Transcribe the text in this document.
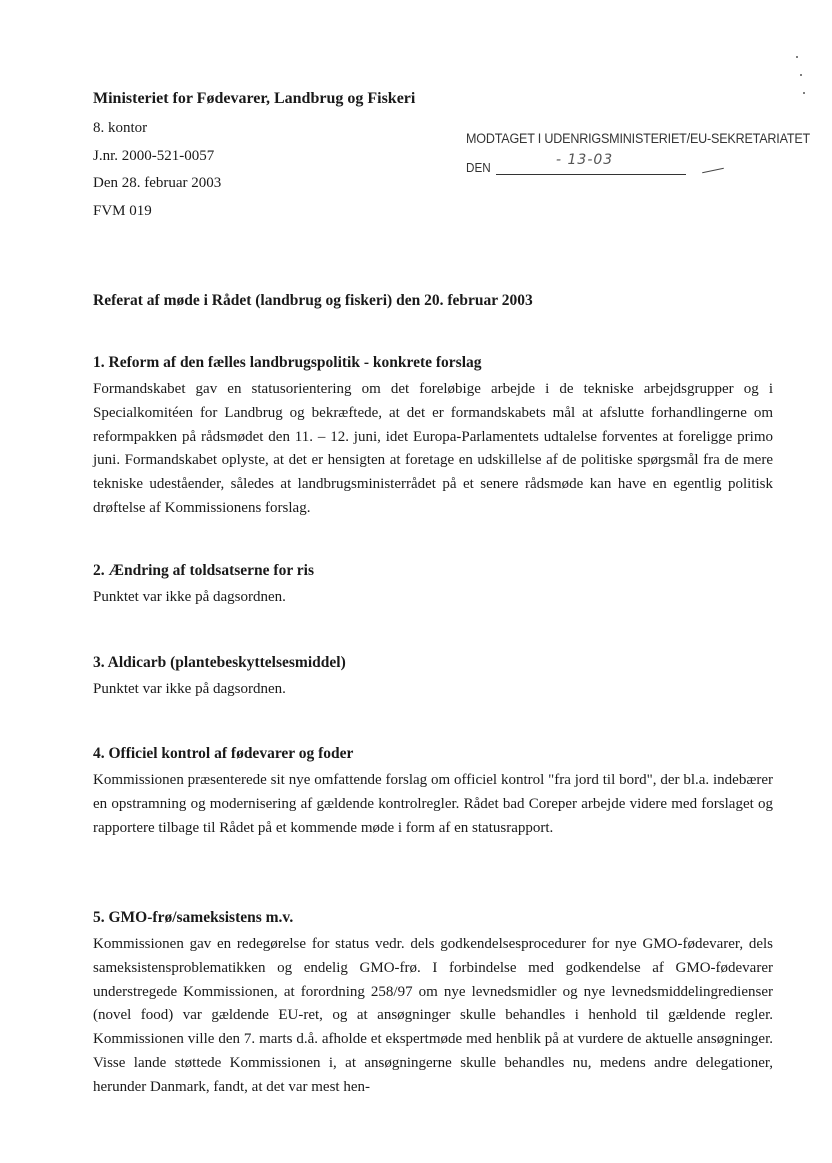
Ministeriet for Fødevarer, Landbrug og Fiskeri

8. kontor

J.nr. 2000-521-0057

Den 28. februar 2003

FVM 019

MODTAGET I UDENRIGSMINISTERIET/EU-SEKRETARIATET
DEN	- 13-03
Referat af møde i Rådet (landbrug og fiskeri) den 20. februar 2003
1. Reform af den fælles landbrugspolitik - konkrete forslag

Formandskabet gav en statusorientering om det foreløbige arbejde i de tekniske arbejdsgrupper og i Specialkomitéen for Landbrug og bekræftede, at det er formandskabets mål at afslutte forhandlingerne om reformpakken på rådsmødet den 11. – 12. juni, idet Europa-Parlamentets udtalelse forventes at foreligge primo juni. Formandskabet oplyste, at det er hensigten at foretage en udskillelse af de politiske spørgsmål fra de mere tekniske udeståender, således at landbrugsministerrådet på et senere rådsmøde kan have en egentlig politisk drøftelse af Kommissionens forslag.

2. Ændring af toldsatserne for ris

Punktet var ikke på dagsordnen.

3. Aldicarb (plantebeskyttelsesmiddel)

Punktet var ikke på dagsordnen.

4. Officiel kontrol af fødevarer og foder

Kommissionen præsenterede sit nye omfattende forslag om officiel kontrol "fra jord til bord", der bl.a. indebærer en opstramning og modernisering af gældende kontrolregler. Rådet bad Coreper arbejde videre med forslaget og rapportere tilbage til Rådet på et kommende møde i form af en statusrapport.

5. GMO-frø/sameksistens m.v.

Kommissionen gav en redegørelse for status vedr. dels godkendelsesprocedurer for nye GMO-fødevarer, dels sameksistensproblematikken og endelig GMO-frø. I forbindelse med godkendelse af GMO-fødevarer understregede Kommissionen, at forordning 258/97 om nye levnedsmidler og nye levnedsmiddelingredienser (novel food) var gældende EU-ret, og at ansøgninger skulle behandles i henhold til gældende regler. Kommissionen ville den 7. marts d.å. afholde et ekspertmøde med henblik på at vurdere de aktuelle ansøgninger. Visse lande støttede Kommissionen i, at ansøgningerne skulle behandles nu, medens andre delegationer, herunder Danmark, fandt, at det var mest hen-
